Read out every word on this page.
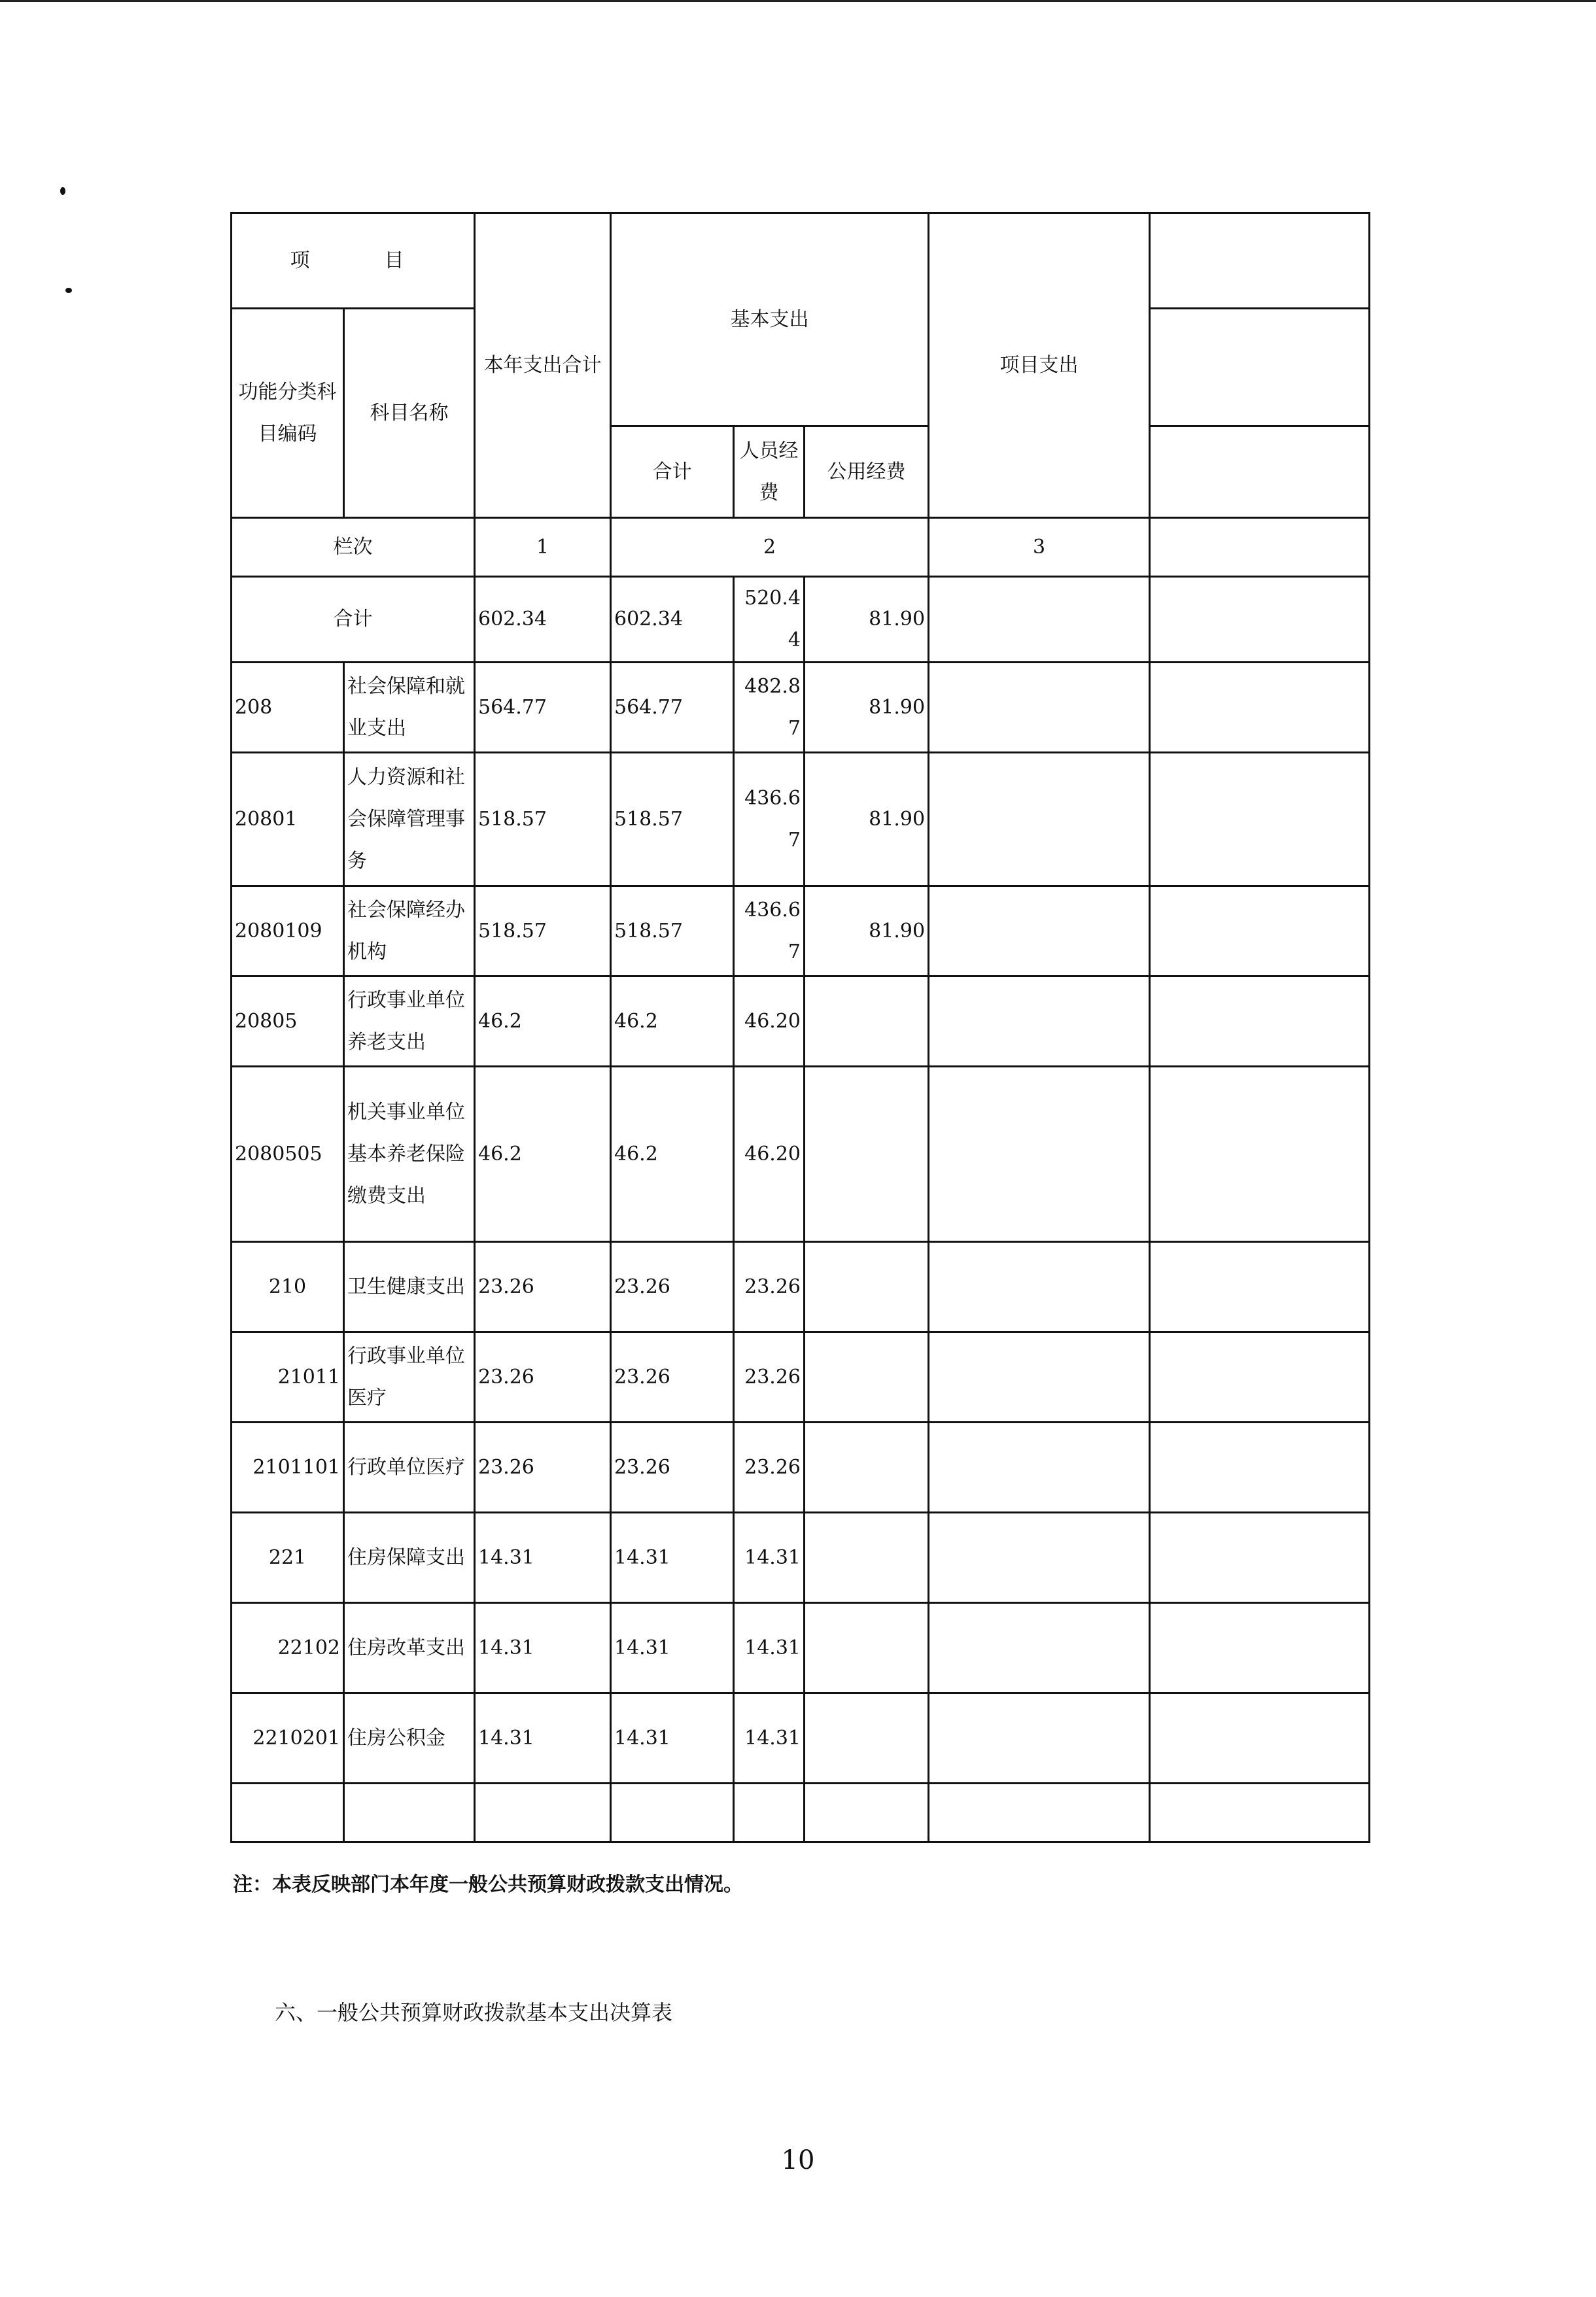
项　　目		本年支出合计	基本支出			项目支出	
功能分类科目编码	科目名称						
			合计	人员经费	公用经费		
栏次		1	2			3	
合计		602.34	602.34	520.44	81.90		
208	社会保障和就业支出	564.77	564.77	482.87	81.90		
20801	人力资源和社会保障管理事务	518.57	518.57	436.67	81.90		
2080109	社会保障经办机构	518.57	518.57	436.67	81.90		
20805	行政事业单位养老支出	46.2	46.2	46.20			
2080505	机关事业单位基本养老保险缴费支出	46.2	46.2	46.20			
210	卫生健康支出	23.26	23.26	23.26			
21011	行政事业单位医疗	23.26	23.26	23.26			
2101101	行政单位医疗	23.26	23.26	23.26			
221	住房保障支出	14.31	14.31	14.31			
22102	住房改革支出	14.31	14.31	14.31			
2210201	住房公积金	14.31	14.31	14.31			

注：本表反映部门本年度一般公共预算财政拨款支出情况。
六、一般公共预算财政拨款基本支出决算表
10
